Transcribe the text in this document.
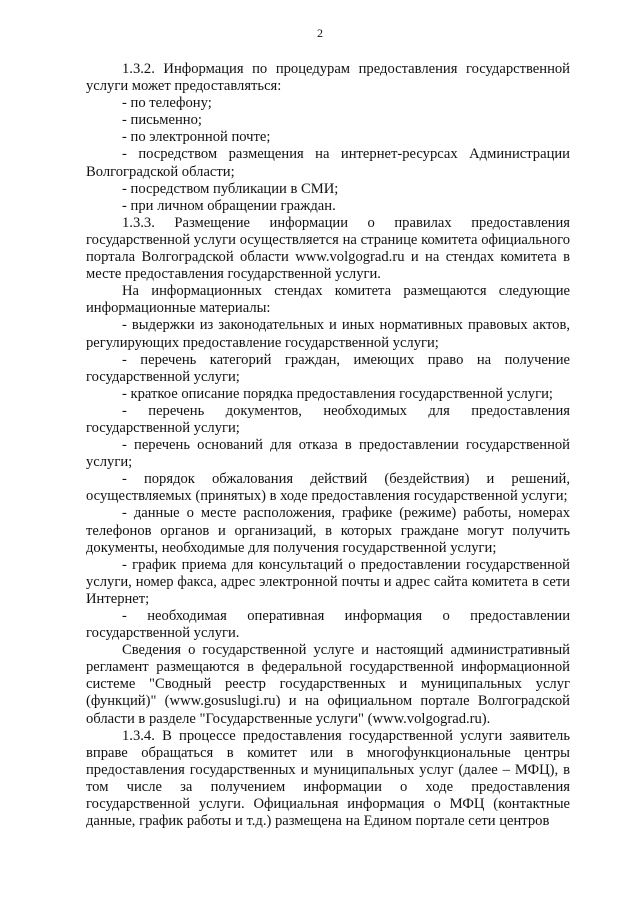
2

1.3.2. Информация по процедурам предоставления государственной услуги может предоставляться:

- по телефону;

- письменно;

- по электронной почте;

- посредством размещения на интернет-ресурсах Администрации Волгоградской области;

- посредством публикации в СМИ;

- при личном обращении граждан.

1.3.3. Размещение информации о правилах предоставления государственной услуги осуществляется на странице комитета официального портала Волгоградской области www.volgograd.ru и на стендах комитета в месте предоставления государственной услуги.

На информационных стендах комитета размещаются следующие информационные материалы:

- выдержки из законодательных и иных нормативных правовых актов, регулирующих предоставление государственной услуги;

- перечень категорий граждан, имеющих право на получение государственной услуги;

- краткое описание порядка предоставления государственной услуги;

- перечень документов, необходимых для предоставления государственной услуги;

- перечень оснований для отказа в предоставлении государственной услуги;

- порядок обжалования действий (бездействия) и решений, осуществляемых (принятых) в ходе предоставления государственной услуги;

- данные о месте расположения, графике (режиме) работы, номерах телефонов органов и организаций, в которых граждане могут получить документы, необходимые для получения государственной услуги;

- график приема для консультаций о предоставлении государственной услуги, номер факса, адрес электронной почты и адрес сайта комитета в сети Интернет;

- необходимая оперативная информация о предоставлении государственной услуги.

Сведения о государственной услуге и настоящий административный регламент размещаются в федеральной государственной информационной системе "Сводный реестр государственных и муниципальных услуг (функций)" (www.gosuslugi.ru) и на официальном портале Волгоградской области в разделе "Государственные услуги" (www.volgograd.ru).

1.3.4. В процессе предоставления государственной услуги заявитель вправе обращаться в комитет или в многофункциональные центры предоставления государственных и муниципальных услуг (далее – МФЦ), в том числе за получением информации о ходе предоставления государственной услуги. Официальная информация о МФЦ (контактные данные, график работы и т.д.) размещена на Едином портале сети центров
